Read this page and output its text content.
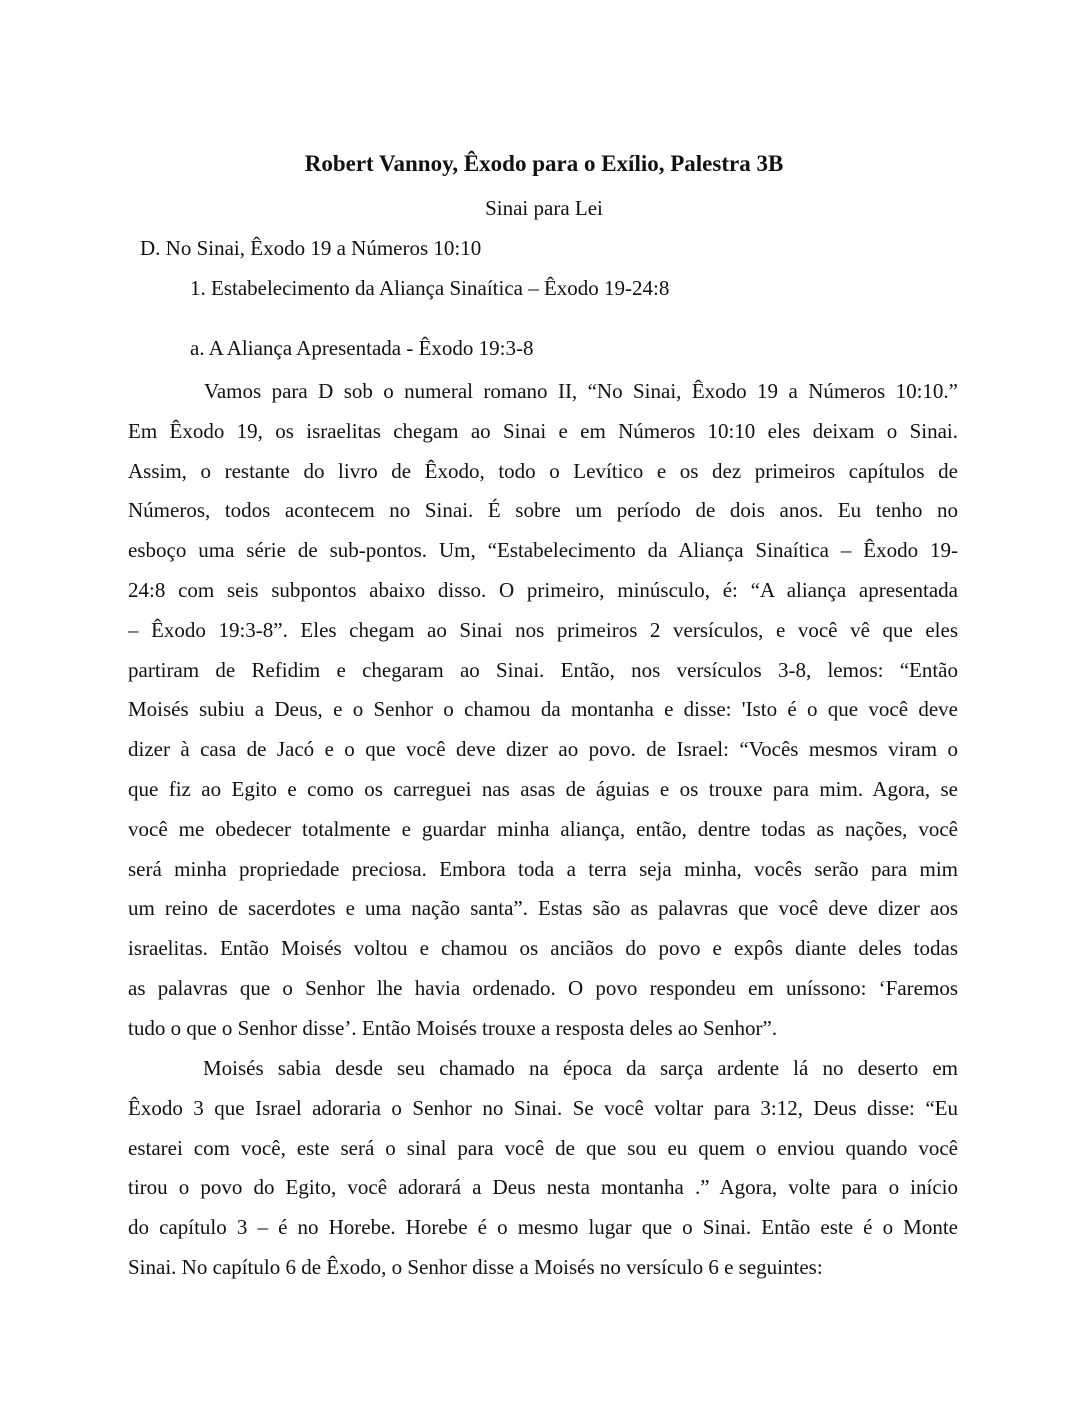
Robert Vannoy, Êxodo para o Exílio, Palestra 3B
Sinai para Lei
D. No Sinai, Êxodo 19 a Números 10:10
1. Estabelecimento da Aliança Sinaítica – Êxodo 19-24:8
a. A Aliança Apresentada - Êxodo 19:3-8
Vamos para D sob o numeral romano II, “No Sinai, Êxodo 19 a Números 10:10.”
Em Êxodo 19, os israelitas chegam ao Sinai e em Números 10:10 eles deixam o Sinai.
Assim, o restante do livro de Êxodo, todo o Levítico e os dez primeiros capítulos de
Números, todos acontecem no Sinai. É sobre um período de dois anos. Eu tenho no
esboço uma série de sub-pontos. Um, “Estabelecimento da Aliança Sinaítica – Êxodo 19-
24:8 com seis subpontos abaixo disso. O primeiro, minúsculo, é: “A aliança apresentada
– Êxodo 19:3-8”. Eles chegam ao Sinai nos primeiros 2 versículos, e você vê que eles
partiram de Refidim e chegaram ao Sinai. Então, nos versículos 3-8, lemos: “Então
Moisés subiu a Deus, e o Senhor o chamou da montanha e disse: 'Isto é o que você deve
dizer à casa de Jacó e o que você deve dizer ao povo. de Israel: “Vocês mesmos viram o
que fiz ao Egito e como os carreguei nas asas de águias e os trouxe para mim. Agora, se
você me obedecer totalmente e guardar minha aliança, então, dentre todas as nações, você
será minha propriedade preciosa. Embora toda a terra seja minha, vocês serão para mim
um reino de sacerdotes e uma nação santa”. Estas são as palavras que você deve dizer aos
israelitas. Então Moisés voltou e chamou os anciãos do povo e expôs diante deles todas
as palavras que o Senhor lhe havia ordenado. O povo respondeu em uníssono: ‘Faremos
tudo o que o Senhor disse’. Então Moisés trouxe a resposta deles ao Senhor”.
Moisés sabia desde seu chamado na época da sarça ardente lá no deserto em
Êxodo 3 que Israel adoraria o Senhor no Sinai. Se você voltar para 3:12, Deus disse: “Eu
estarei com você, este será o sinal para você de que sou eu quem o enviou quando você
tirou o povo do Egito, você adorará a Deus nesta montanha .” Agora, volte para o início
do capítulo 3 – é no Horebe. Horebe é o mesmo lugar que o Sinai. Então este é o Monte
Sinai. No capítulo 6 de Êxodo, o Senhor disse a Moisés no versículo 6 e seguintes:
